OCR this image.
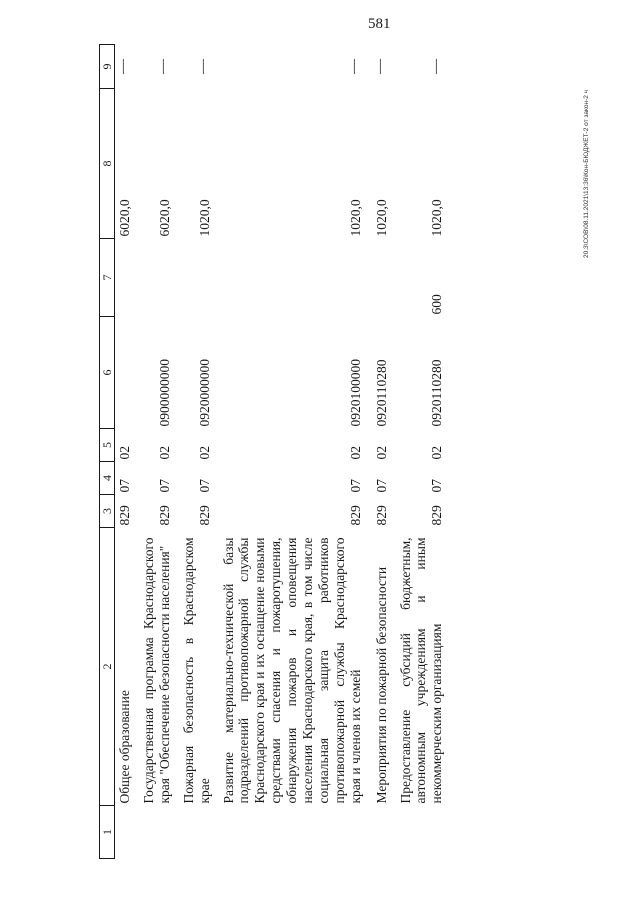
581
20.3\СОВ\08.11.2021\13:36\Кон-БЮДЖЕТ-2 от закон-2 ч
1	2	3	4	5	6	7	8	9
	Общее образование	829	07	02			6020,0	—

	Государственная программа Краснодарского края "Обеспечение безопасности населения"	829	07	02	0900000000		6020,0	—

	Пожарная безопасность в Краснодарском крае	829	07	02	0920000000		1020,0	—

	Развитие материально-технической базы подразделений противопожарной службы Краснодарского края и их оснащение новыми средствами спасения и пожаротушения, обнаружения пожаров и оповещения населения Краснодарского края, в том числе социальная защита работников противопожарной службы Краснодарского края и членов их семей	829	07	02	0920100000		1020,0	—

	Мероприятия по пожарной безопасности	829	07	02	0920110280		1020,0	—

	Предоставление субсидий бюджетным, автономным учреждениям и иным некоммерческим организациям	829	07	02	0920110280	600	1020,0	—
